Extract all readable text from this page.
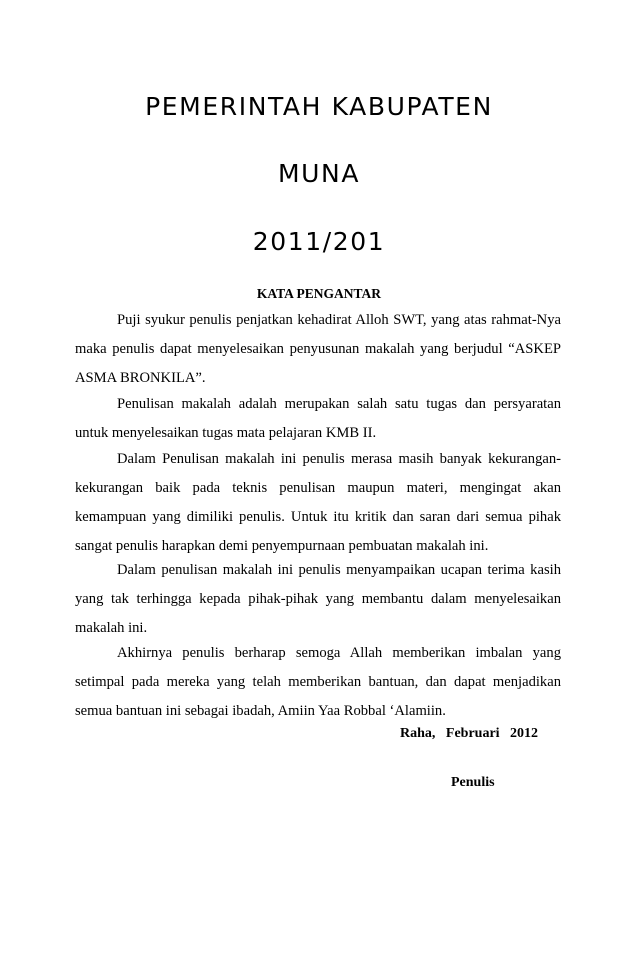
PEMERINTAH KABUPATEN
MUNA
2011/201
KATA PENGANTAR

Puji syukur penulis penjatkan kehadirat Alloh SWT, yang atas rahmat-Nya maka penulis dapat menyelesaikan penyusunan makalah yang berjudul “ASKEP ASMA BRONKILA”.

Penulisan makalah adalah merupakan salah satu tugas dan persyaratan untuk menyelesaikan tugas mata pelajaran KMB II.

Dalam Penulisan makalah ini penulis merasa masih banyak kekurangan-kekurangan baik pada teknis penulisan maupun materi, mengingat akan kemampuan yang dimiliki penulis. Untuk itu kritik dan saran dari semua pihak sangat penulis harapkan demi penyempurnaan pembuatan makalah ini.

Dalam penulisan makalah ini penulis menyampaikan ucapan terima kasih yang tak terhingga kepada pihak-pihak yang membantu dalam menyelesaikan makalah ini.

Akhirnya penulis berharap semoga Allah memberikan imbalan yang setimpal pada mereka yang telah memberikan bantuan, dan dapat menjadikan semua bantuan ini sebagai ibadah, Amiin Yaa Robbal ‘Alamiin.

Raha,   Februari   2012
Penulis
